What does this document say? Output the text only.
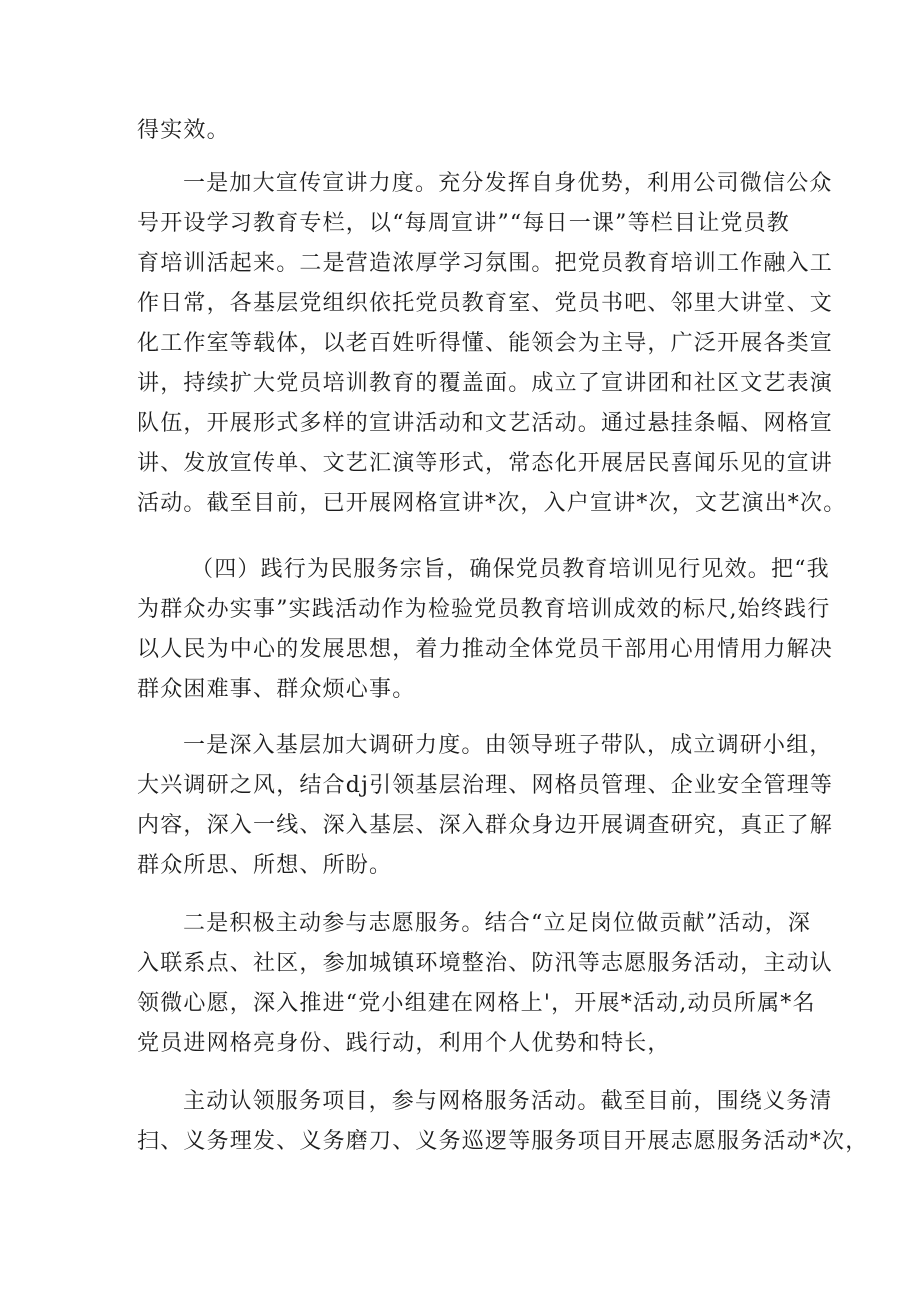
得实效。
一是加大宣传宣讲力度。充分发挥自身优势，利用公司微信公众
号开设学习教育专栏，以“每周宣讲”“每日一课”等栏目让党员教
育培训活起来。二是营造浓厚学习氛围。把党员教育培训工作融入工
作日常，各基层党组织依托党员教育室、党员书吧、邻里大讲堂、文
化工作室等载体，以老百姓听得懂、能领会为主导，广泛开展各类宣
讲，持续扩大党员培训教育的覆盖面。成立了宣讲团和社区文艺表演
队伍，开展形式多样的宣讲活动和文艺活动。通过悬挂条幅、网格宣
讲、发放宣传单、文艺汇演等形式，常态化开展居民喜闻乐见的宣讲
活动。截至目前，已开展网格宣讲*次，入户宣讲*次，文艺演出*次。
（四）践行为民服务宗旨，确保党员教育培训见行见效。把“我
为群众办实事”实践活动作为检验党员教育培训成效的标尺,始终践行
以人民为中心的发展思想，着力推动全体党员干部用心用情用力解决
群众困难事、群众烦心事。
一是深入基层加大调研力度。由领导班子带队，成立调研小组，
大兴调研之风，结合dj引领基层治理、网格员管理、企业安全管理等
内容，深入一线、深入基层、深入群众身边开展调查研究，真正了解
群众所思、所想、所盼。
二是积极主动参与志愿服务。结合“立足岗位做贡献”活动，深
入联系点、社区，参加城镇环境整治、防汛等志愿服务活动，主动认
领微心愿，深入推进“党小组建在网格上'，开展*活动,动员所属*名
党员进网格亮身份、践行动，利用个人优势和特长，
主动认领服务项目，参与网格服务活动。截至目前，围绕义务清
扫、义务理发、义务磨刀、义务巡逻等服务项目开展志愿服务活动*次，
